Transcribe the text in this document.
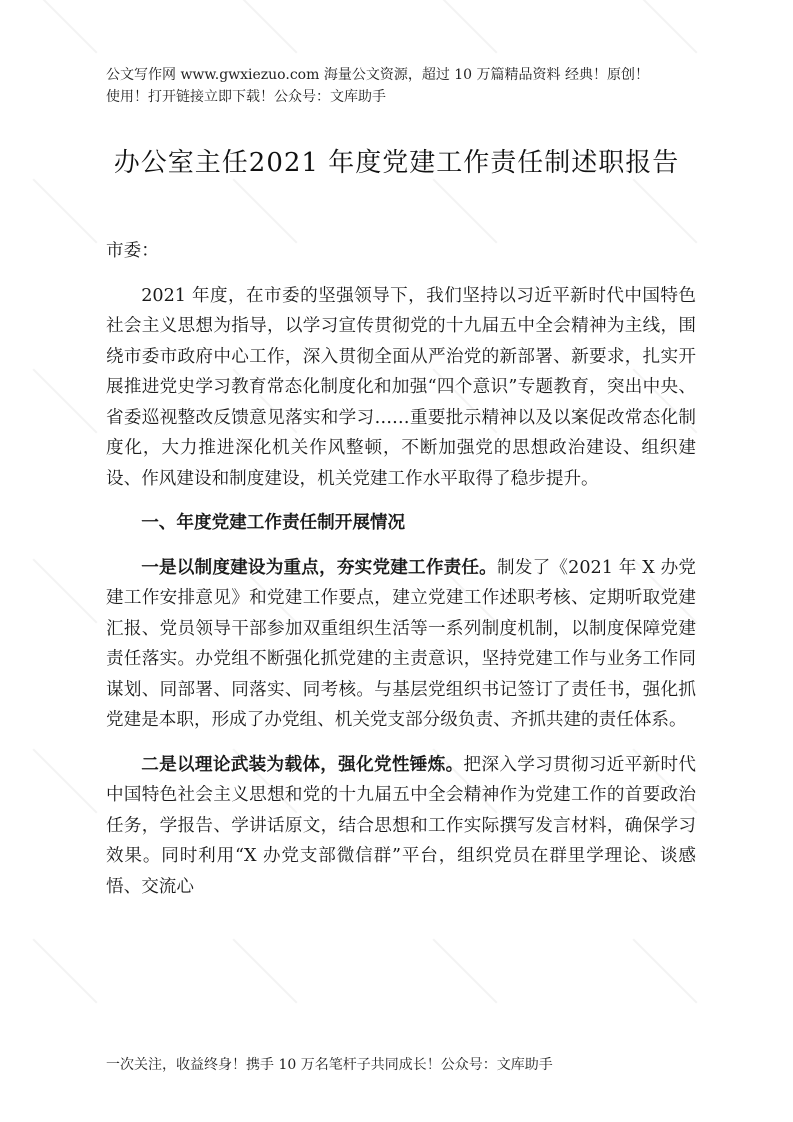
公文写作网 www.gwxiezuo.com 海量公文资源，超过 10 万篇精品资料 经典！原创！
使用！打开链接立即下载！公众号：文库助手
办公室主任2021 年度党建工作责任制述职报告

市委：

2021 年度，在市委的坚强领导下，我们坚持以习近平新时代中国特色社会主义思想为指导，以学习宣传贯彻党的十九届五中全会精神为主线，围绕市委市政府中心工作，深入贯彻全面从严治党的新部署、新要求，扎实开展推进党史学习教育常态化制度化和加强“四个意识”专题教育，突出中央、省委巡视整改反馈意见落实和学习……重要批示精神以及以案促改常态化制度化，大力推进深化机关作风整顿，不断加强党的思想政治建设、组织建设、作风建设和制度建设，机关党建工作水平取得了稳步提升。

一、年度党建工作责任制开展情况

一是以制度建设为重点，夯实党建工作责任。制发了《2021 年 X 办党建工作安排意见》和党建工作要点，建立党建工作述职考核、定期听取党建汇报、党员领导干部参加双重组织生活等一系列制度机制，以制度保障党建责任落实。办党组不断强化抓党建的主责意识，坚持党建工作与业务工作同谋划、同部署、同落实、同考核。与基层党组织书记签订了责任书，强化抓党建是本职，形成了办党组、机关党支部分级负责、齐抓共建的责任体系。

二是以理论武装为载体，强化党性锤炼。把深入学习贯彻习近平新时代中国特色社会主义思想和党的十九届五中全会精神作为党建工作的首要政治任务，学报告、学讲话原文，结合思想和工作实际撰写发言材料，确保学习效果。同时利用“X 办党支部微信群”平台，组织党员在群里学理论、谈感悟、交流心

一次关注，收益终身！携手 10 万名笔杆子共同成长！公众号：文库助手
